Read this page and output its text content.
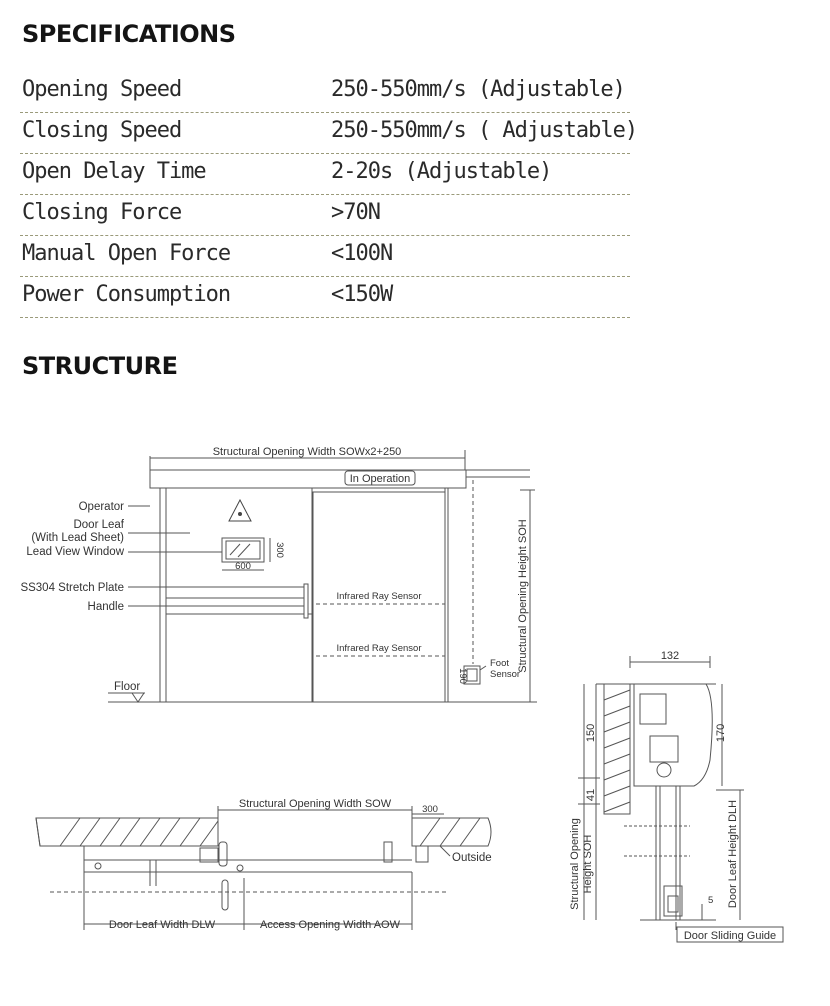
SPECIFICATIONS
Opening Speed	250-550mm/s (Adjustable)
Closing Speed	250-550mm/s ( Adjustable)
Open Delay Time	2-20s (Adjustable)
Closing Force	>70N
Manual Open Force	<100N
Power Consumption	<150W
STRUCTURE
Structural Opening Width SOWx2+250
In Operation
Structural Opening Height SOH
Operator
Door Leaf
(With Lead Sheet)
Lead View Window
SS304 Stretch Plate
Handle
Floor
600
300
Infrared Ray Sensor
Infrared Ray Sensor
Foot
Sensor
190
Structural Opening Width SOW	300
Outside
Door Leaf Width DLW	Access Opening Width AOW
132
150	170
41
Structural Opening Height SOH	Door Leaf Height DLH
5
Door Sliding Guide
